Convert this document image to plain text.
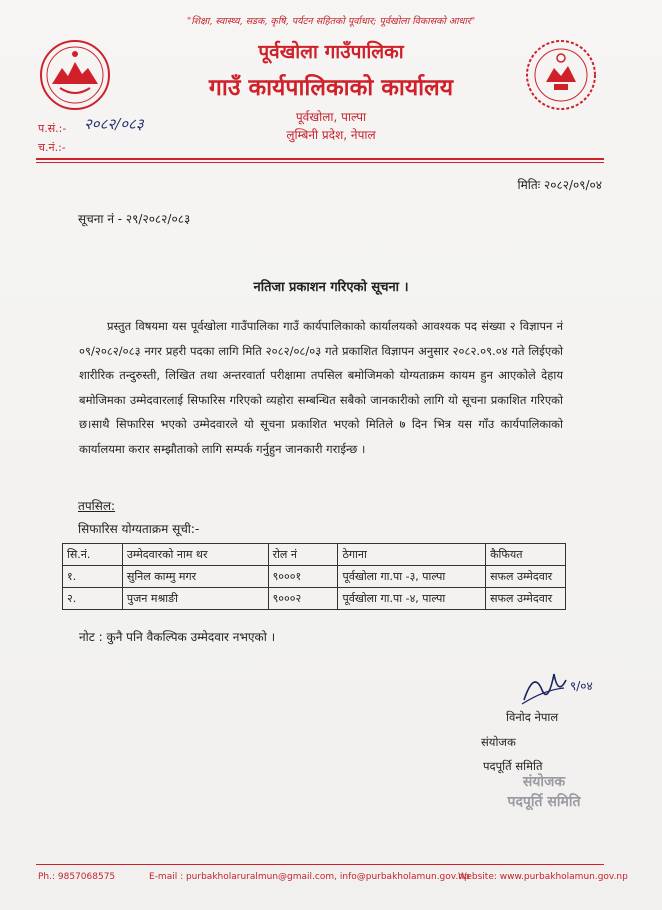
"शिक्षा, स्वास्थ्य, सडक, कृषि, पर्यटन सहितको पूर्वाधार; पूर्वखोला विकासको आधार"
पूर्वखोला गाउँपालिका
गाउँ कार्यपालिकाको कार्यालय
पूर्वखोला, पाल्पा
लुम्बिनी प्रदेश, नेपाल
प.सं.:- २०८२/०८३
च.नं.:-
मितिः २०८२/०९/०४
सूचना नं - २९/२०८२/०८३
नतिजा प्रकाशन गरिएको सूचना ।

प्रस्तुत विषयमा यस पूर्वखोला गाउँपालिका गाउँ कार्यपालिकाको कार्यालयको आवश्यक पद संख्या २ विज्ञापन नं ०९/२०८२/०८३ नगर प्रहरी पदका लागि मिति २०८२/०८/०३ गते प्रकाशित विज्ञापन अनुसार २०८२.०९.०४ गते लिईएको शारीरिक तन्दुरुस्ती, लिखित तथा अन्तरवार्ता परीक्षामा तपसिल बमोजिमको योग्यताक्रम कायम हुन आएकोले देहाय बमोजिमका उम्मेदवारलाई सिफारिस गरिएको व्यहोरा सम्बन्धित सबैको जानकारीको लागि यो सूचना प्रकाशित गरिएको छ।साथै सिफारिस भएको उम्मेदवारले यो सूचना प्रकाशित भएको मितिले ७ दिन भित्र यस गाँउ कार्यपालिकाको कार्यालयमा करार सम्झौताको लागि सम्पर्क गर्नुहुन जानकारी गराईन्छ ।

तपसिल:
सिफारिस योग्यताक्रम सूची:-
सि.नं.	उम्मेदवारको नाम थर	रोल नं	ठेगाना	कैफियत
१.	सुनिल काम्मु मगर	९०००१	पूर्वखोला गा.पा -३, पाल्पा	सफल उम्मेदवार
२.	पुजन मश्राङी	९०००२	पूर्वखोला गा.पा -४, पाल्पा	सफल उम्मेदवार
नोट : कुनै पनि वैकल्पिक उम्मेदवार नभएको ।
९/०४
विनोद नेपाल
संयोजक
पदपूर्ति समिति
संयोजक
पदपूर्ति समिति
Ph.: 9857068575	E-mail : purbakholaruralmun@gmail.com, info@purbakholamun.gov.np
Website: www.purbakholamun.gov.np
